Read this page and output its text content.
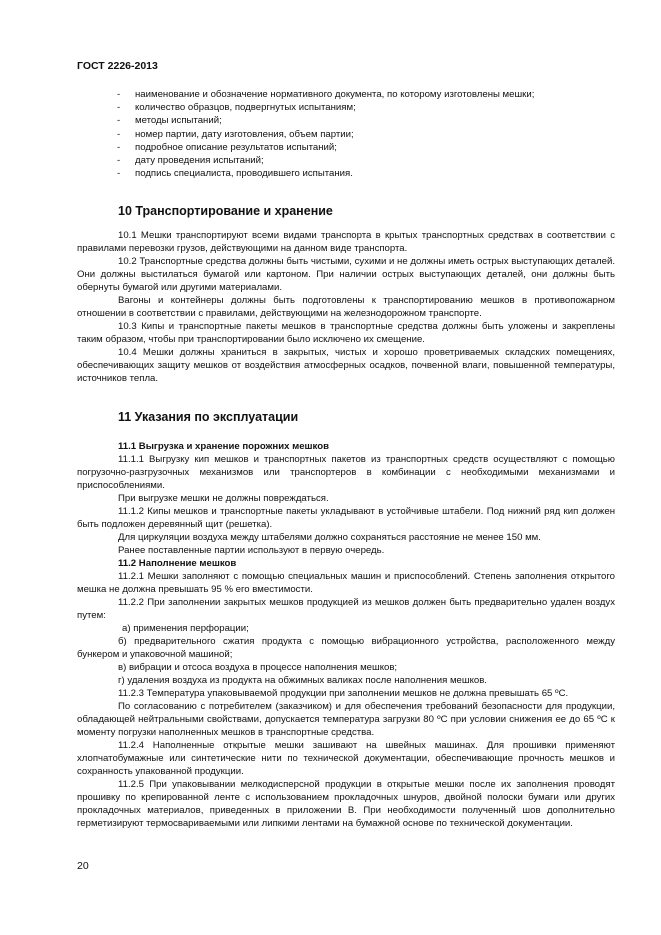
ГОСТ 2226-2013
-	наименование и обозначение нормативного документа, по которому изготовлены мешки;
-	количество образцов, подвергнутых испытаниям;
-	методы испытаний;
-	номер партии, дату изготовления, объем партии;
-	подробное описание результатов испытаний;
-	дату проведения испытаний;
-	подпись специалиста, проводившего испытания.
10 Транспортирование и хранение

10.1 Мешки транспортируют всеми видами транспорта в крытых транспортных средствах в соответствии с правилами перевозки грузов, действующими на данном виде транспорта.

10.2 Транспортные средства должны быть чистыми, сухими и не должны иметь острых выступающих деталей. Они должны выстилаться бумагой или картоном. При наличии острых выступающих деталей, они должны быть обернуты бумагой или другими материалами.

Вагоны и контейнеры должны быть подготовлены к транспортированию мешков в противопожарном отношении в соответствии с правилами, действующими на железнодорожном транспорте.

10.3 Кипы и транспортные пакеты мешков в транспортные средства должны быть уложены и закреплены таким образом, чтобы при транспортировании было исключено их смещение.

10.4 Мешки должны храниться в закрытых, чистых и хорошо проветриваемых складских помещениях, обеспечивающих защиту мешков от воздействия атмосферных осадков, почвенной влаги, повышенной температуры, источников тепла.

11 Указания по эксплуатации
11.1 Выгрузка и хранение порожних мешков

11.1.1 Выгрузку кип мешков и транспортных пакетов из транспортных средств осуществляют с помощью погрузочно-разгрузочных механизмов или транспортеров в комбинации с необходимыми механизмами и приспособлениями.

При выгрузке мешки не должны повреждаться.

11.1.2 Кипы мешков и транспортные пакеты укладывают в устойчивые штабели. Под нижний ряд кип должен быть подложен деревянный щит (решетка).

Для циркуляции воздуха между штабелями должно сохраняться расстояние не менее 150 мм.

Ранее поставленные партии используют в первую очередь.

11.2 Наполнение мешков

11.2.1 Мешки заполняют с помощью специальных машин и приспособлений. Степень заполнения открытого мешка не должна превышать 95 % его вместимости.

11.2.2 При заполнении закрытых мешков продукцией из мешков должен быть предварительно удален воздух путем:

а) применения перфорации;

б) предварительного сжатия продукта с помощью вибрационного устройства, расположенного между бункером и упаковочной машиной;

в) вибрации и отсоса воздуха в процессе наполнения мешков;

г) удаления воздуха из продукта на обжимных валиках после наполнения мешков.

11.2.3 Температура упаковываемой продукции при заполнении мешков не должна превышать 65 ºС.

По согласованию с потребителем (заказчиком) и для обеспечения требований безопасности для продукции, обладающей нейтральными свойствами, допускается температура загрузки 80 ºС при условии снижения ее до 65 ºС к моменту погрузки наполненных мешков в транспортные средства.

11.2.4 Наполненные открытые мешки зашивают на швейных машинах. Для прошивки применяют хлопчатобумажные или синтетические нити по технической документации, обеспечивающие прочность мешков и сохранность упакованной продукции.

11.2.5 При упаковывании мелкодисперсной продукции в открытые мешки после их заполнения проводят прошивку по крепированной ленте с использованием прокладочных шнуров, двойной полоски бумаги или других прокладочных материалов, приведенных в приложении В. При необходимости полученный шов дополнительно герметизируют термосвариваемыми или липкими лентами на бумажной основе по технической документации.

20
